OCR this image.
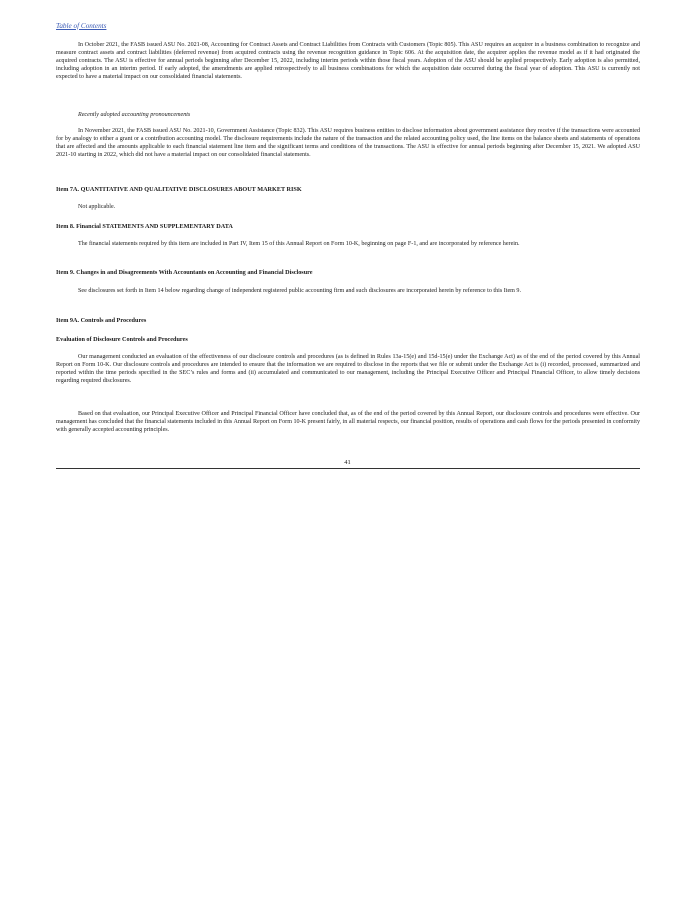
Table of Contents

In October 2021, the FASB issued ASU No. 2021-08, Accounting for Contract Assets and Contract Liabilities from Contracts with Customers (Topic 805). This ASU requires an acquirer in a business combination to recognize and measure contract assets and contract liabilities (deferred revenue) from acquired contracts using the revenue recognition guidance in Topic 606. At the acquisition date, the acquirer applies the revenue model as if it had originated the acquired contracts. The ASU is effective for annual periods beginning after December 15, 2022, including interim periods within those fiscal years. Adoption of the ASU should be applied prospectively. Early adoption is also permitted, including adoption in an interim period. If early adopted, the amendments are applied retrospectively to all business combinations for which the acquisition date occurred during the fiscal year of adoption. This ASU is currently not expected to have a material impact on our consolidated financial statements.

Recently adopted accounting pronouncements

In November 2021, the FASB issued ASU No. 2021-10, Government Assistance (Topic 832). This ASU requires business entities to disclose information about government assistance they receive if the transactions were accounted for by analogy to either a grant or a contribution accounting model. The disclosure requirements include the nature of the transaction and the related accounting policy used, the line items on the balance sheets and statements of operations that are affected and the amounts applicable to each financial statement line item and the significant terms and conditions of the transactions. The ASU is effective for annual periods beginning after December 15, 2021. We adopted ASU 2021-10 starting in 2022, which did not have a material impact on our consolidated financial statements.

Item 7A. QUANTITATIVE AND QUALITATIVE DISCLOSURES ABOUT MARKET RISK

Not applicable.

Item 8. Financial STATEMENTS AND SUPPLEMENTARY DATA

The financial statements required by this item are included in Part IV, Item 15 of this Annual Report on Form 10-K, beginning on page F-1, and are incorporated by reference herein.

Item 9. Changes in and Disagreements With Accountants on Accounting and Financial Disclosure

See disclosures set forth in Item 14 below regarding change of independent registered public accounting firm and such disclosures are incorporated herein by reference to this Item 9.

Item 9A. Controls and Procedures

Evaluation of Disclosure Controls and Procedures

Our management conducted an evaluation of the effectiveness of our disclosure controls and procedures (as is defined in Rules 13a-15(e) and 15d-15(e) under the Exchange Act) as of the end of the period covered by this Annual Report on Form 10-K. Our disclosure controls and procedures are intended to ensure that the information we are required to disclose in the reports that we file or submit under the Exchange Act is (i) recorded, processed, summarized and reported within the time periods specified in the SEC’s rules and forms and (ii) accumulated and communicated to our management, including the Principal Executive Officer and Principal Financial Officer, to allow timely decisions regarding required disclosures.

Based on that evaluation, our Principal Executive Officer and Principal Financial Officer have concluded that, as of the end of the period covered by this Annual Report, our disclosure controls and procedures were effective. Our management has concluded that the financial statements included in this Annual Report on Form 10-K present fairly, in all material respects, our financial position, results of operations and cash flows for the periods presented in conformity with generally accepted accounting principles.

41
